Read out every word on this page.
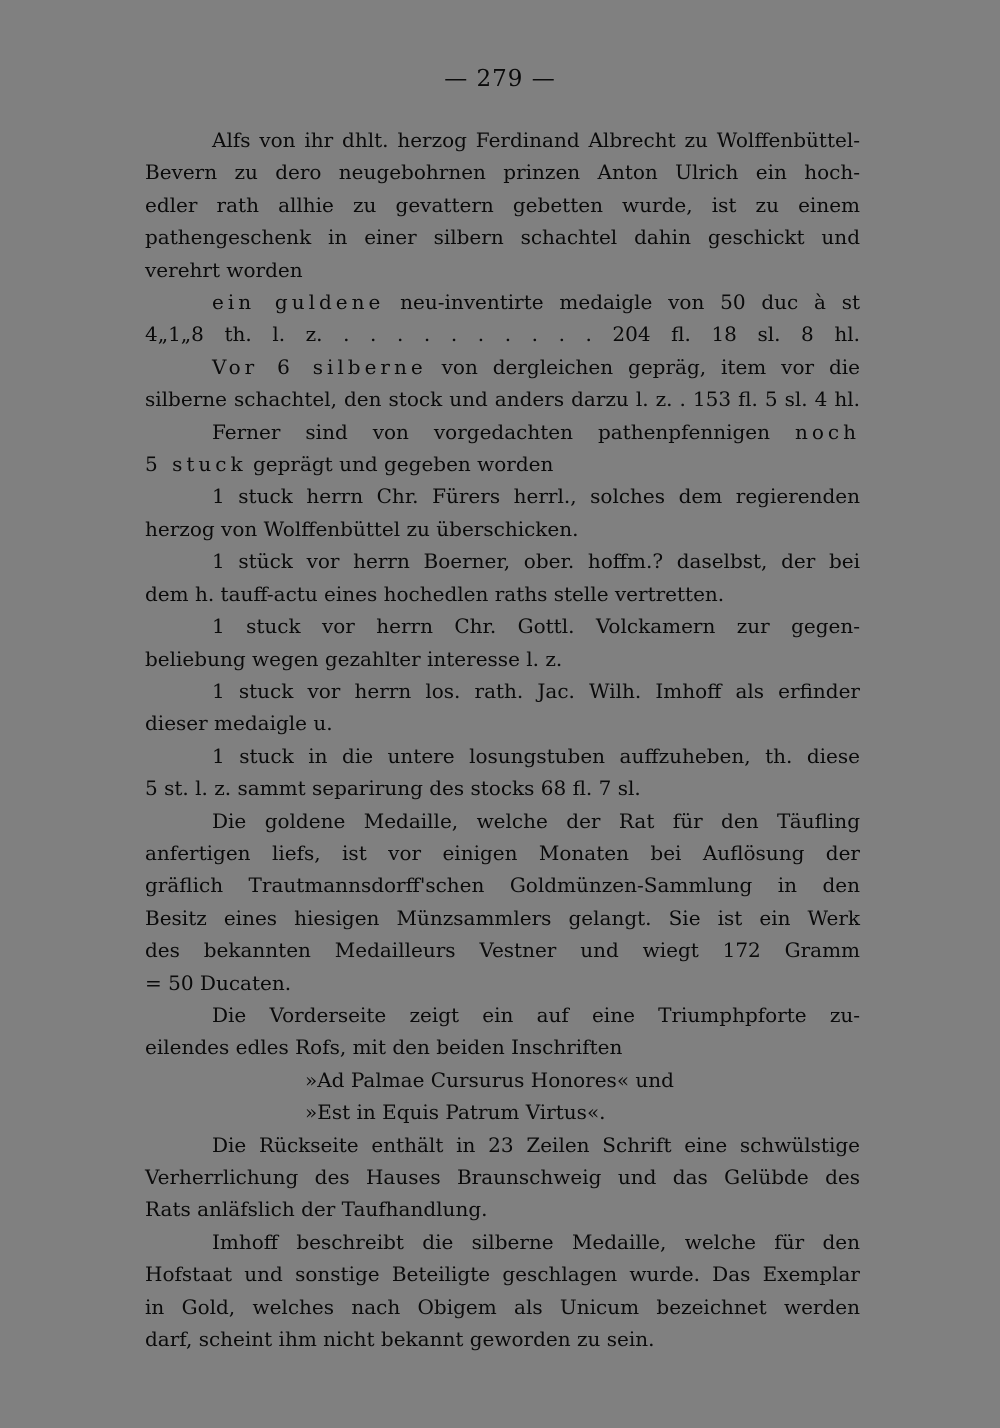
— 279 —

Alfs von ihr dhlt. herzog Ferdinand Albrecht zu Wolffenbüttel-

Bevern zu dero neugebohrnen prinzen Anton Ulrich ein hoch-

edler rath allhie zu gevattern gebetten wurde, ist zu einem

pathengeschenk in einer silbern schachtel dahin geschickt und

verehrt worden

ein guldene neu-inventirte medaigle von 50 duc à st

4„1„8 th. l. z. . . . . . . . . . . 204 fl. 18 sl. 8 hl.

Vor 6 silberne von dergleichen gepräg, item vor die

silberne schachtel, den stock und anders darzu l. z. . 153 fl. 5 sl. 4 hl.

Ferner sind von vorgedachten pathenpfennigen noch

5 stuck geprägt und gegeben worden

1 stuck herrn Chr. Fürers herrl., solches dem regierenden

herzog von Wolffenbüttel zu überschicken.

1 stück vor herrn Boerner, ober. hoffm.? daselbst, der bei

dem h. tauff-actu eines hochedlen raths stelle vertretten.

1 stuck vor herrn Chr. Gottl. Volckamern zur gegen-

beliebung wegen gezahlter interesse l. z.

1 stuck vor herrn los. rath. Jac. Wilh. Imhoff als erfinder

dieser medaigle u.

1 stuck in die untere losungstuben auffzuheben, th. diese

5 st. l. z. sammt separirung des stocks 68 fl. 7 sl.

Die goldene Medaille, welche der Rat für den Täufling

anfertigen liefs, ist vor einigen Monaten bei Auflösung der

gräflich Trautmannsdorff'schen Goldmünzen-Sammlung in den

Besitz eines hiesigen Münzsammlers gelangt. Sie ist ein Werk

des bekannten Medailleurs Vestner und wiegt 172 Gramm

= 50 Ducaten.

Die Vorderseite zeigt ein auf eine Triumphpforte zu-

eilendes edles Rofs, mit den beiden Inschriften

»Ad Palmae Cursurus Honores« und

»Est in Equis Patrum Virtus«.

Die Rückseite enthält in 23 Zeilen Schrift eine schwülstige

Verherrlichung des Hauses Braunschweig und das Gelübde des

Rats anläfslich der Taufhandlung.

Imhoff beschreibt die silberne Medaille, welche für den

Hofstaat und sonstige Beteiligte geschlagen wurde. Das Exemplar

in Gold, welches nach Obigem als Unicum bezeichnet werden

darf, scheint ihm nicht bekannt geworden zu sein.
